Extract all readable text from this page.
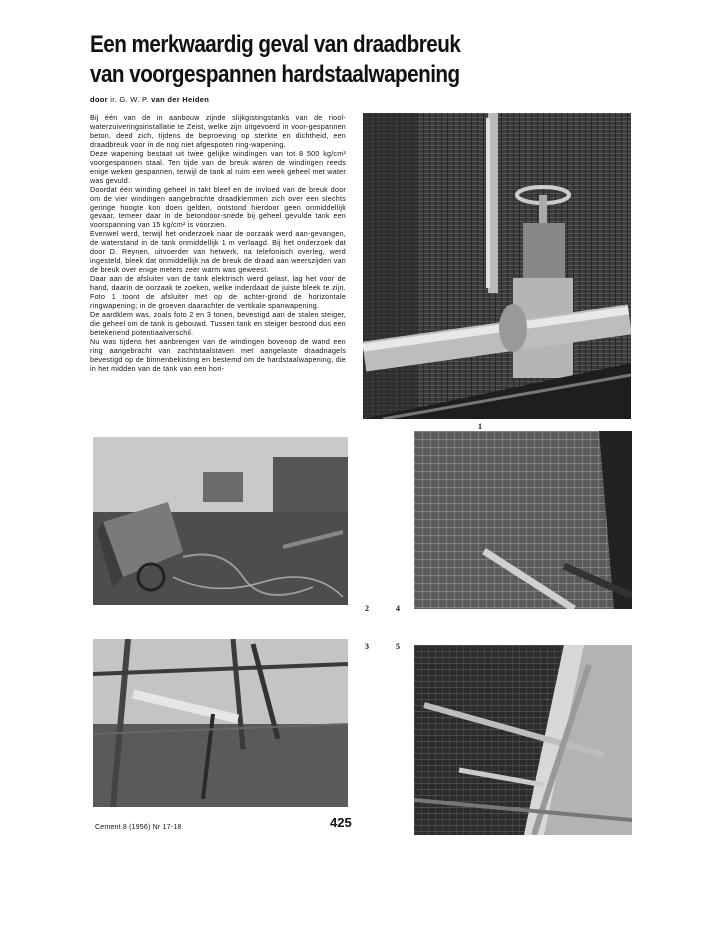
Een merkwaardig geval van draadbreuk
van voorgespannen hardstaalwapening
door ir. G. W. P. van der Heiden

Bij één van de in aanbouw zijnde slijkgistingstanks van de riool-waterzuiveringsinstallatie te Zeist, welke zijn uitgevoerd in voor-gespannen beton, deed zich, tijdens de beproeving op sterkte en dichtheid, een draadbreuk voor in de nog niet afgespoten ring-wapening.

Deze wapening bestaat uit twee gelijke windingen van tot 8 500 kg/cm² voorgespannen staal. Ten tijde van de breuk waren de windingen reeds enige weken gespannen, terwijl de tank al ruim een week geheel met water was gevuld.

Doordat één winding geheel in takt bleef en de invloed van de breuk door om de vier windingen aangebrachte draadklemmen zich over een slechts geringe hoogte kon doen gelden, ontstond hierdoor geen onmiddellijk gevaar, temeer daar in de betondoor-snede bij geheel gevulde tank een voorspanning van 15 kg/cm² is voorzien.

Evenwel werd, terwijl het onderzoek naar de oorzaak werd aan-gevangen, de waterstand in de tank onmiddellijk 1 m verlaagd. Bij het onderzoek dat door D. Reynen, uitvoerder van hetwerk, na telefonisch overleg, werd ingesteld, bleek dat onmiddellijk na de breuk de draad aan weerszijden van de breuk over enige meters zeer warm was geweest.

Daar aan de afsluiter van de tank elektrisch werd gelast, lag het voor de hand, daarin de oorzaak te zoeken, welke inderdaad de juiste bleek te zijn. Foto 1 toont de afsluiter met op de achter-grond de horizontale ringwapening; in de groeven daarachter de vertikale spanwapening.

De aardklem was, zoals foto 2 en 3 tonen, bevestigd aan de stalen steiger, die geheel om de tank is gebouwd. Tussen tank en steiger bestond dus een betekenend potentiaalverschil.

Nu was tijdens het aanbrengen van de windingen bovenop de wand een ring aangebracht van zachtstaalstaven met aangelaste draadnagels bevestigd op de binnenbekisting en bestemd om de hardstaalwapening, die in het midden van de tank van een hori-

1
2	4
3	5
425
Cement 8 (1956) Nr 17-18
